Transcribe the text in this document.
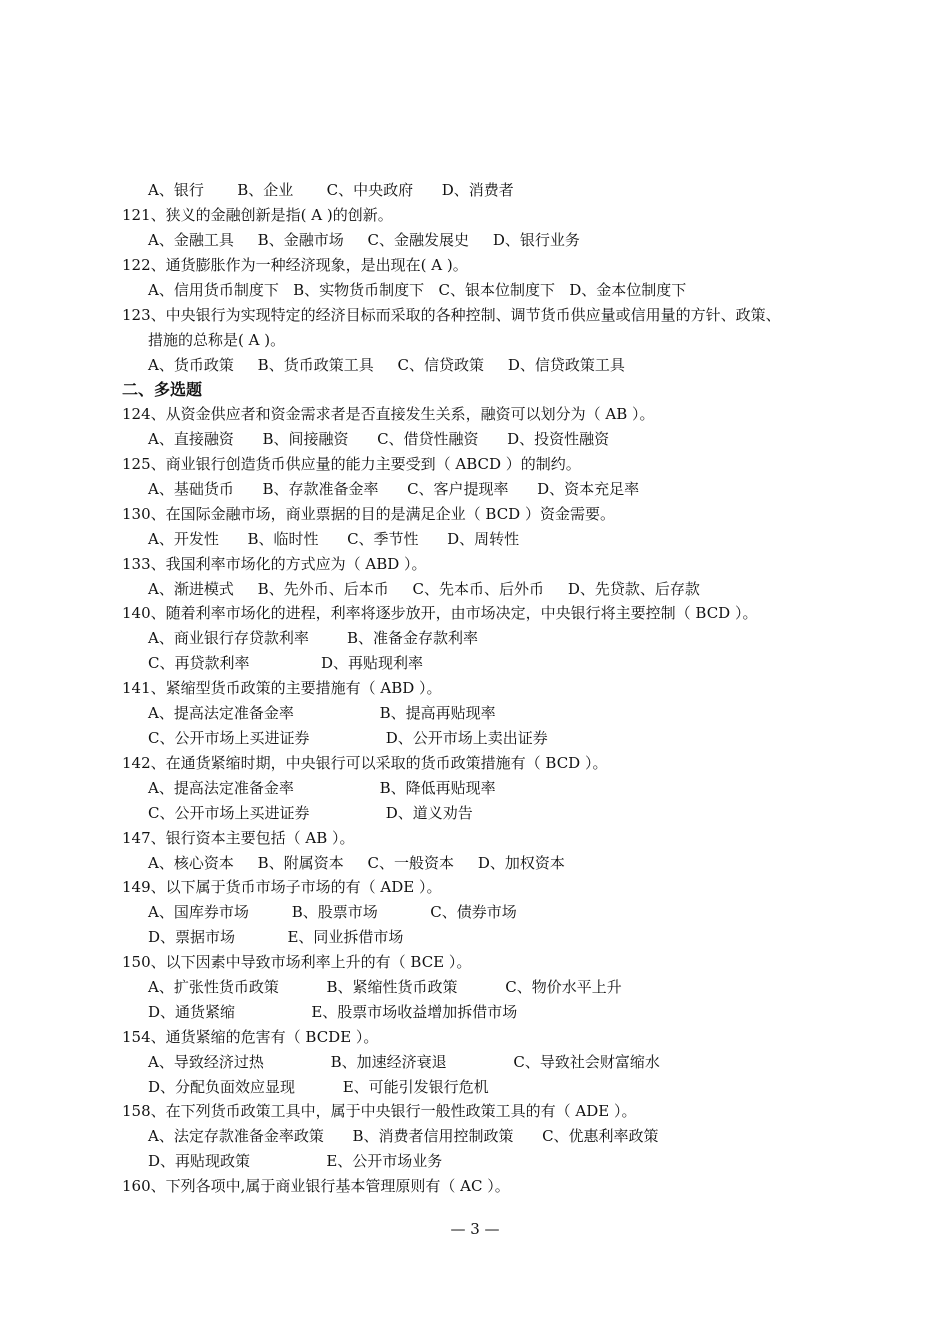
A、银行       B、企业       C、中央政府      D、消费者
121、狭义的金融创新是指( A )的创新。
A、金融工具     B、金融市场     C、金融发展史     D、银行业务
122、通货膨胀作为一种经济现象，是出现在( A )。
A、信用货币制度下   B、实物货币制度下   C、银本位制度下   D、金本位制度下
123、中央银行为实现特定的经济目标而采取的各种控制、调节货币供应量或信用量的方针、政策、
措施的总称是( A )。
A、货币政策     B、货币政策工具     C、信贷政策     D、信贷政策工具
二、多选题
124、从资金供应者和资金需求者是否直接发生关系，融资可以划分为（ AB ）。
A、直接融资      B、间接融资      C、借贷性融资      D、投资性融资
125、商业银行创造货币供应量的能力主要受到（ ABCD ）的制约。
A、基础货币      B、存款准备金率      C、客户提现率      D、资本充足率
130、在国际金融市场，商业票据的目的是满足企业（ BCD ）资金需要。
A、开发性      B、临时性      C、季节性      D、周转性
133、我国利率市场化的方式应为（ ABD ）。
A、渐进模式     B、先外币、后本币     C、先本币、后外币     D、先贷款、后存款
140、随着利率市场化的进程，利率将逐步放开，由市场决定，中央银行将主要控制（ BCD ）。
A、商业银行存贷款利率        B、准备金存款利率
C、再贷款利率               D、再贴现利率
141、紧缩型货币政策的主要措施有（ ABD ）。
A、提高法定准备金率                  B、提高再贴现率
C、公开市场上买进证券                D、公开市场上卖出证券
142、在通货紧缩时期，中央银行可以采取的货币政策措施有（ BCD ）。
A、提高法定准备金率                  B、降低再贴现率
C、公开市场上买进证券                D、道义劝告
147、银行资本主要包括（ AB ）。
A、核心资本     B、附属资本     C、一般资本     D、加权资本
149、以下属于货币市场子市场的有（ ADE ）。
A、国库券市场         B、股票市场           C、债券市场
D、票据市场           E、同业拆借市场
150、以下因素中导致市场利率上升的有（ BCE ）。
A、扩张性货币政策          B、紧缩性货币政策          C、物价水平上升
D、通货紧缩                E、股票市场收益增加拆借市场
154、通货紧缩的危害有（ BCDE ）。
A、导致经济过热              B、加速经济衰退              C、导致社会财富缩水
D、分配负面效应显现          E、可能引发银行危机
158、在下列货币政策工具中，属于中央银行一般性政策工具的有（ ADE ）。
A、法定存款准备金率政策      B、消费者信用控制政策      C、优惠利率政策
D、再贴现政策                E、公开市场业务
160、下列各项中,属于商业银行基本管理原则有（ AC ）。
— 3 —
